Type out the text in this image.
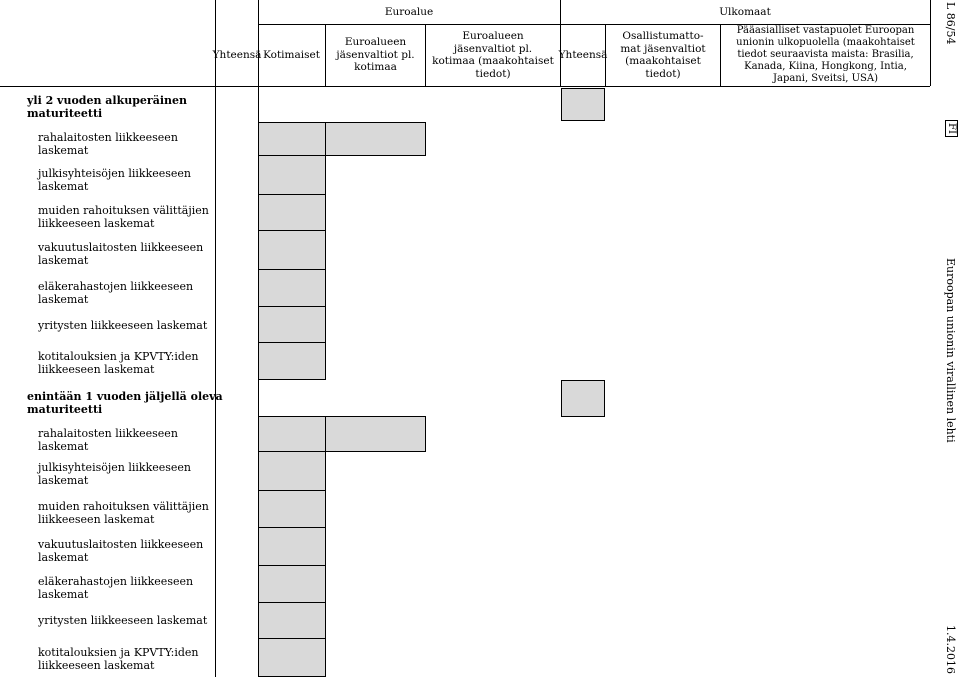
Yhteensä
Euroalue
Kotimaiset
Euroalueen jäsenvaltiot pl. kotimaa
Euroalueen jäsenvaltiot pl. kotimaa (maakohtaiset tiedot)
Ulkomaat
Yhteensä
Osallistumatto-mat jäsenvaltiot (maakohtaiset tiedot)
Pääasialliset vastapuolet Euroopan unionin ulkopuolella (maakohtaiset tiedot seuraavista maista: Brasilia, Kanada, Kiina, Hongkong, Intia, Japani, Sveitsi, USA)
yli 2 vuoden alkuperäinen maturiteetti
rahalaitosten liikkeeseen laskemat
julkisyhteisöjen liikkeeseen laskemat
muiden rahoituksen välittäjien liikkeeseen laskemat
vakuutuslaitosten liikkeeseen laskemat
eläkerahastojen liikkeeseen laskemat
yritysten liikkeeseen laskemat
kotitalouksien ja KPVTY:iden liikkeeseen laskemat
enintään 1 vuoden jäljellä oleva maturiteetti
rahalaitosten liikkeeseen laskemat
julkisyhteisöjen liikkeeseen laskemat
muiden rahoituksen välittäjien liikkeeseen laskemat
vakuutuslaitosten liikkeeseen laskemat
eläkerahastojen liikkeeseen laskemat
yritysten liikkeeseen laskemat
kotitalouksien ja KPVTY:iden liikkeeseen laskemat
L 86/54
FI
Euroopan unionin virallinen lehti
1.4.2016
